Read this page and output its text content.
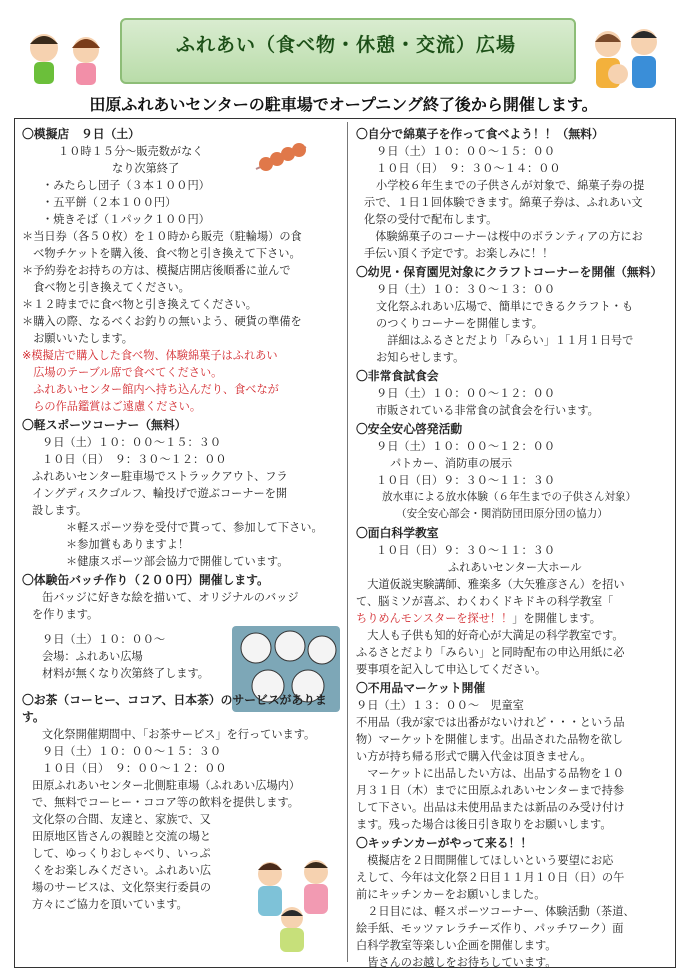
ふれあい（食べ物・休憩・交流）広場
田原ふれあいセンターの駐車場でオープニング終了後から開催します。
〇模擬店　９日（土）
１０時１５分～販売数がなく
なり次第終了
・みたらし団子（３本１００円）
・五平餅（２本１００円）
・焼きそば（１パック１００円）
＊当日券（各５０枚）を１０時から販売（駐輪場）の食
　べ物チケットを購入後、食べ物と引き換えて下さい。
＊予約券をお持ちの方は、模擬店開店後順番に並んで
　食べ物と引き換えてください。
＊１２時までに食べ物と引き換えてください。
＊購入の際、なるべくお釣りの無いよう、硬貨の準備を
　お願いいたします。
※模擬店で購入した食べ物、体験綿菓子はふれあい
　広場のテーブル席で食べてください。
　ふれあいセンター館内へ持ち込んだり、食べなが
　らの作品鑑賞はご遠慮ください。
〇軽スポーツコーナー（無料）
９日（土）１０：００～１５：３０
１０日（日）　９：３０～１２：００
ふれあいセンター駐車場でストラックアウト、フラ
イングディスクゴルフ、輪投げで遊ぶコーナーを開
設します。
＊軽スポーツ券を受付で貰って、参加して下さい。
＊参加賞もありますよ！
＊健康スポーツ部会協力で開催しています。
〇体験缶バッチ作り（２００円）開催します。
缶バッジに好きな絵を描いて、オリジナルのバッジ
を作ります。
９日（土）１０：００～
会場：ふれあい広場
材料が無くなり次第終了します。
〇お茶（コーヒー、ココア、日本茶）のサービスがあります。
文化祭開催期間中、「お茶サービス」を行っています。
９日（土）１０：００～１５：３０
１０日（日）　９：００～１２：００
田原ふれあいセンター北側駐車場（ふれあい広場内）
で、無料でコーヒー・ココア等の飲料を提供します。
文化祭の合間、友達と、家族で、又
田原地区皆さんの親睦と交流の場と
して、ゆっくりおしゃべり、いっぷ
くをお楽しみください。ふれあい広
場のサービスは、文化祭実行委員の
方々にご協力を頂いています。
〇自分で綿菓子を作って食べよう！！（無料）
９日（土）１０：００～１５：００
１０日（日）　９：３０～１４：００
小学校６年生までの子供さんが対象で、綿菓子券の提
示で、１日１回体験できます。綿菓子券は、ふれあい文
化祭の受付で配布します。
　体験綿菓子のコーナーは桜中のボランティアの方にお
手伝い頂く予定です。お楽しみに！！
〇幼児・保育園児対象にクラフトコーナーを開催（無料）
９日（土）１０：３０～１３：００
文化祭ふれあい広場で、簡単にできるクラフト・も
のつくりコーナーを開催します。
　詳細はふるさとだより「みらい」１１月１日号で
お知らせします。
〇非常食試食会
９日（土）１０：００～１２：００
市販されている非常食の試食会を行います。
〇安全安心啓発活動
９日（土）１０：００～１２：００
パトカー、消防車の展示
１０日（日）９：３０～１１：３０
放水車による放水体験（６年生までの子供さん対象）
（安全安心部会・関消防団田原分団の協力）
〇面白科学教室
１０日（日）９：３０～１１：３０
ふれあいセンター大ホール
　大道仮説実験講師、雅楽多（大矢雅彦さん）を招い
て、脳ミソが喜ぶ、わくわくドキドキの科学教室「
ちりめんモンスターを探せ！！」を開催します。
　大人も子供も知的好奇心が大満足の科学教室です。
ふるさとだより「みらい」と同時配布の申込用紙に必
要事項を記入して申込してください。
〇不用品マーケット開催
９日（土）１３：００～　児童室
不用品（我が家では出番がないけれど・・・という品
物）マーケットを開催します。出品された品物を欲し
い方が持ち帰る形式で購入代金は頂きません。
　マーケットに出品したい方は、出品する品物を１０
月３１日（木）までに田原ふれあいセンターまで持参
して下さい。出品は未使用品または新品のみ受け付け
ます。残った場合は後日引き取りをお願いします。
〇キッチンカーがやって来る！！
　模擬店を２日間開催してほしいという要望にお応
えして、今年は文化祭２日目１１月１０日（日）の午
前にキッチンカーをお願いしました。
　２日目には、軽スポーツコーナー、体験活動（茶道、
絵手紙、モッツァレラチーズ作り、パッチワーク）面
白科学教室等楽しい企画を開催します。
　皆さんのお越しをお待ちしています。
